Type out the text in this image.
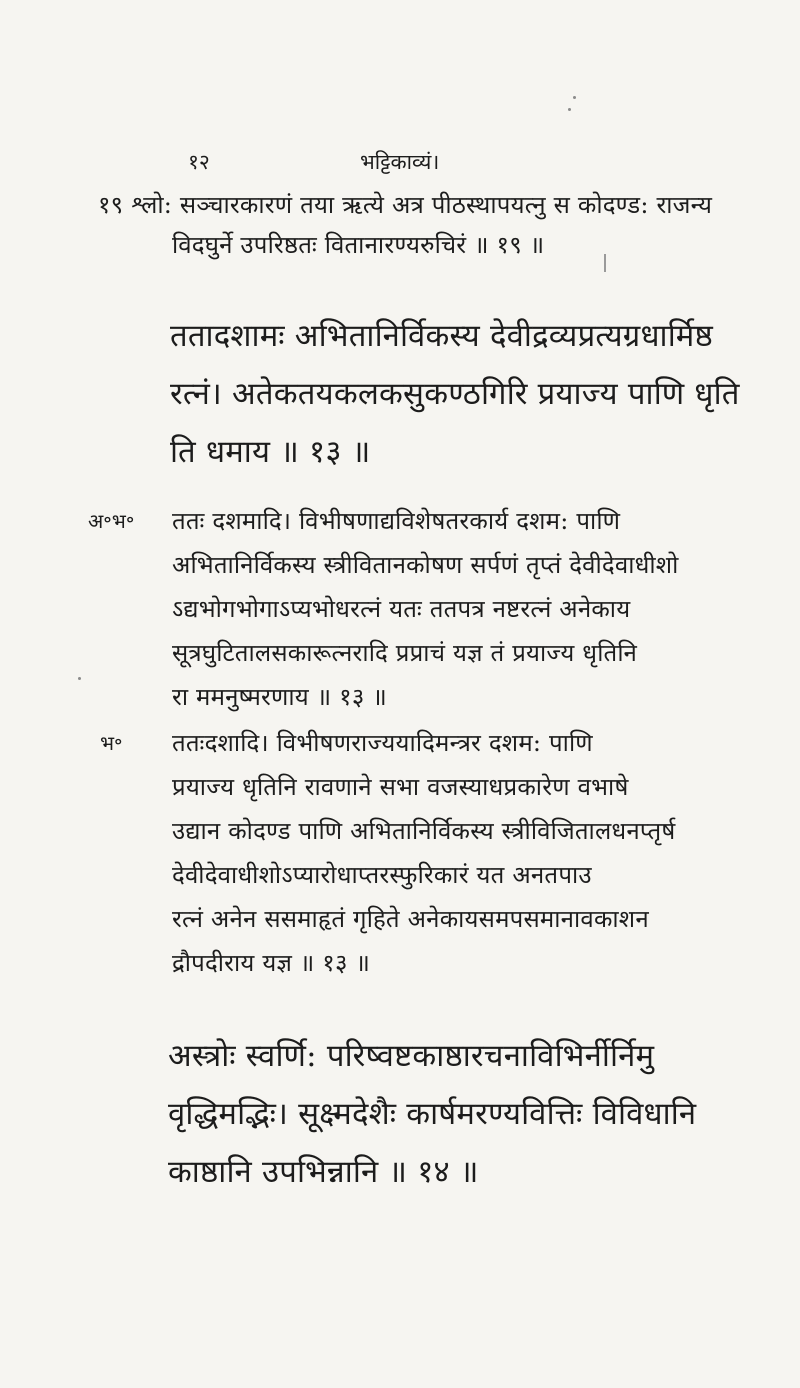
१२	भट्टिकाव्यं।
१९ श्लो: सञ्चारकारणं तया ऋत्ये अत्र पीठस्थापयत्नु स कोदण्ड: राजन्य
विदघुर्ने उपरिष्ठतः वितानारण्यरुचिरं ॥ १९ ॥
ततादशामः अभितानिर्विकस्य देवीद्रव्यप्रत्यग्रधार्मिष्ठ
रत्नं। अतेकतयकलकसुकण्ठगिरि प्रयाज्य पाणि धृति
ति धमाय ॥ १३ ॥
अ॰भ॰ ततः दशमादि। विभीषणाद्यविशेषतरकार्य दशम: पाणि
अभितानिर्विकस्य स्त्रीवितानकोषण सर्पणं तृप्तं देवीदेवाधीशो
ऽद्यभोगभोगाऽप्यभोधरत्नं यतः ततपत्र नष्टरत्नं अनेकाय
सूत्रघुटितालसकारूत्नरादि प्रप्राचं यज्ञ तं प्रयाज्य धृतिनि
रा ममनुष्मरणाय ॥ १३ ॥
भ॰ ततःदशादि। विभीषणराज्ययादिमन्त्रर दशम: पाणि
प्रयाज्य धृतिनि रावणाने सभा वजस्याधप्रकारेण वभाषे
उद्यान कोदण्ड पाणि अभितानिर्विकस्य स्त्रीविजितालधनप्तृर्ष
देवीदेवाधीशोऽप्यारोधाप्तरस्फुरिकारं यत अनतपाउ
रत्नं अनेन ससमाहृतं गृहिते अनेकायसमपसमानावकाशन
द्रौपदीराय यज्ञ ॥ १३ ॥
अस्त्रोः स्वर्णि: परिष्वष्टकाष्ठारचनाविभिर्नीर्निमु
वृद्धिमद्भिः। सूक्ष्मदेशैः कार्षमरण्यवित्तिः विविधानि
काष्ठानि उपभिन्नानि ॥ १४ ॥
